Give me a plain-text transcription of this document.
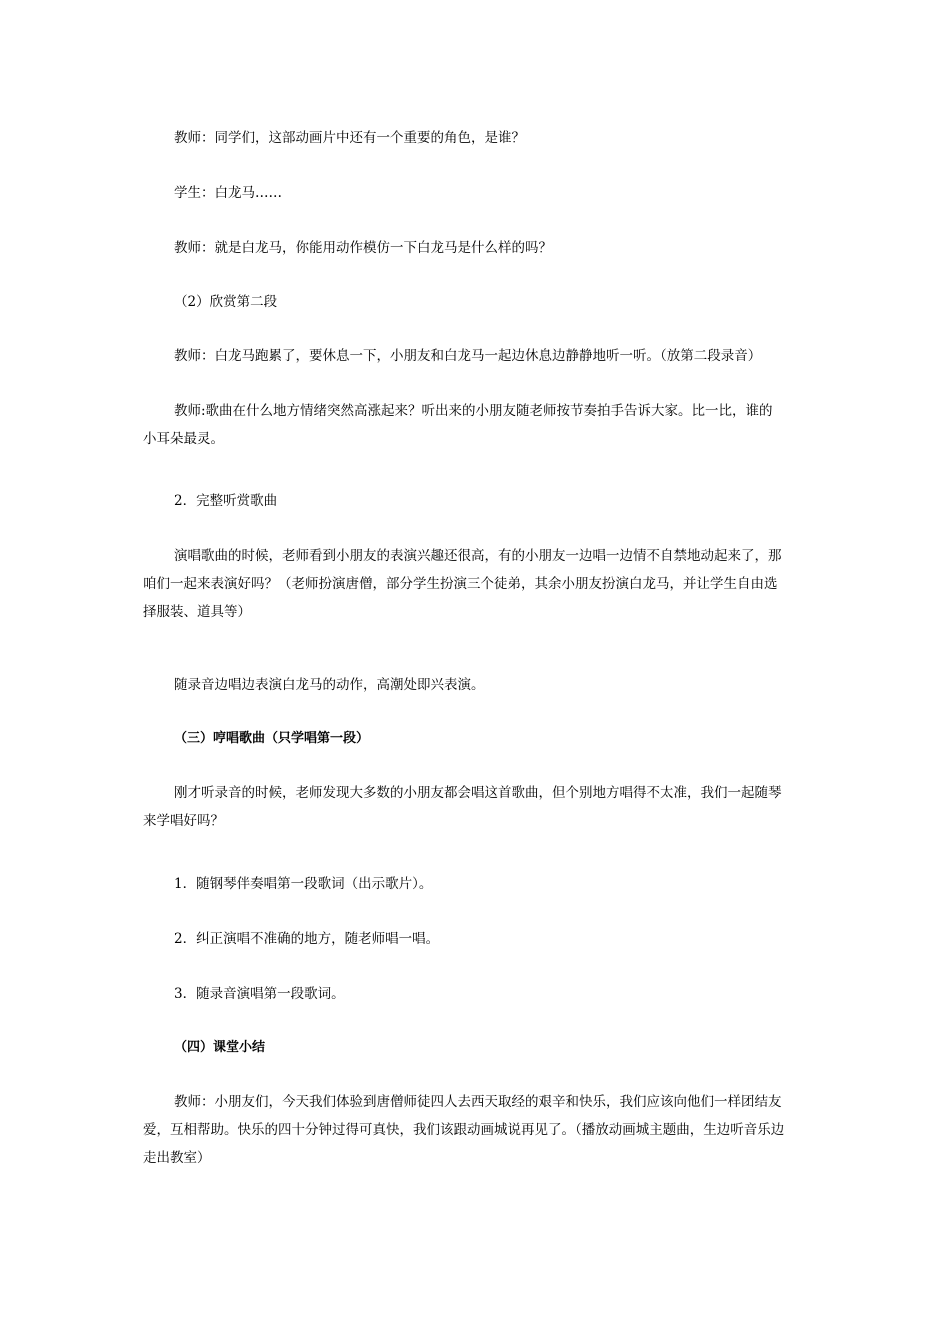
教师：同学们，这部动画片中还有一个重要的角色，是谁？
学生：白龙马……
教师：就是白龙马，你能用动作模仿一下白龙马是什么样的吗？
（2）欣赏第二段
教师：白龙马跑累了，要休息一下，小朋友和白龙马一起边休息边静静地听一听。（放第二段录音）
教师:歌曲在什么地方情绪突然高涨起来？听出来的小朋友随老师按节奏拍手告诉大家。比一比，谁的
小耳朵最灵。
2．完整听赏歌曲
演唱歌曲的时候，老师看到小朋友的表演兴趣还很高，有的小朋友一边唱一边情不自禁地动起来了，那
咱们一起来表演好吗？（老师扮演唐僧，部分学生扮演三个徒弟，其余小朋友扮演白龙马，并让学生自由选
择服装、道具等）
随录音边唱边表演白龙马的动作，高潮处即兴表演。
（三）哼唱歌曲（只学唱第一段）
刚才听录音的时候，老师发现大多数的小朋友都会唱这首歌曲，但个别地方唱得不太准，我们一起随琴
来学唱好吗？
1．随钢琴伴奏唱第一段歌词（出示歌片）。
2．纠正演唱不准确的地方，随老师唱一唱。
3．随录音演唱第一段歌词。
（四）课堂小结
教师：小朋友们，今天我们体验到唐僧师徒四人去西天取经的艰辛和快乐，我们应该向他们一样团结友
爱，互相帮助。快乐的四十分钟过得可真快，我们该跟动画城说再见了。（播放动画城主题曲，生边听音乐边
走出教室）
